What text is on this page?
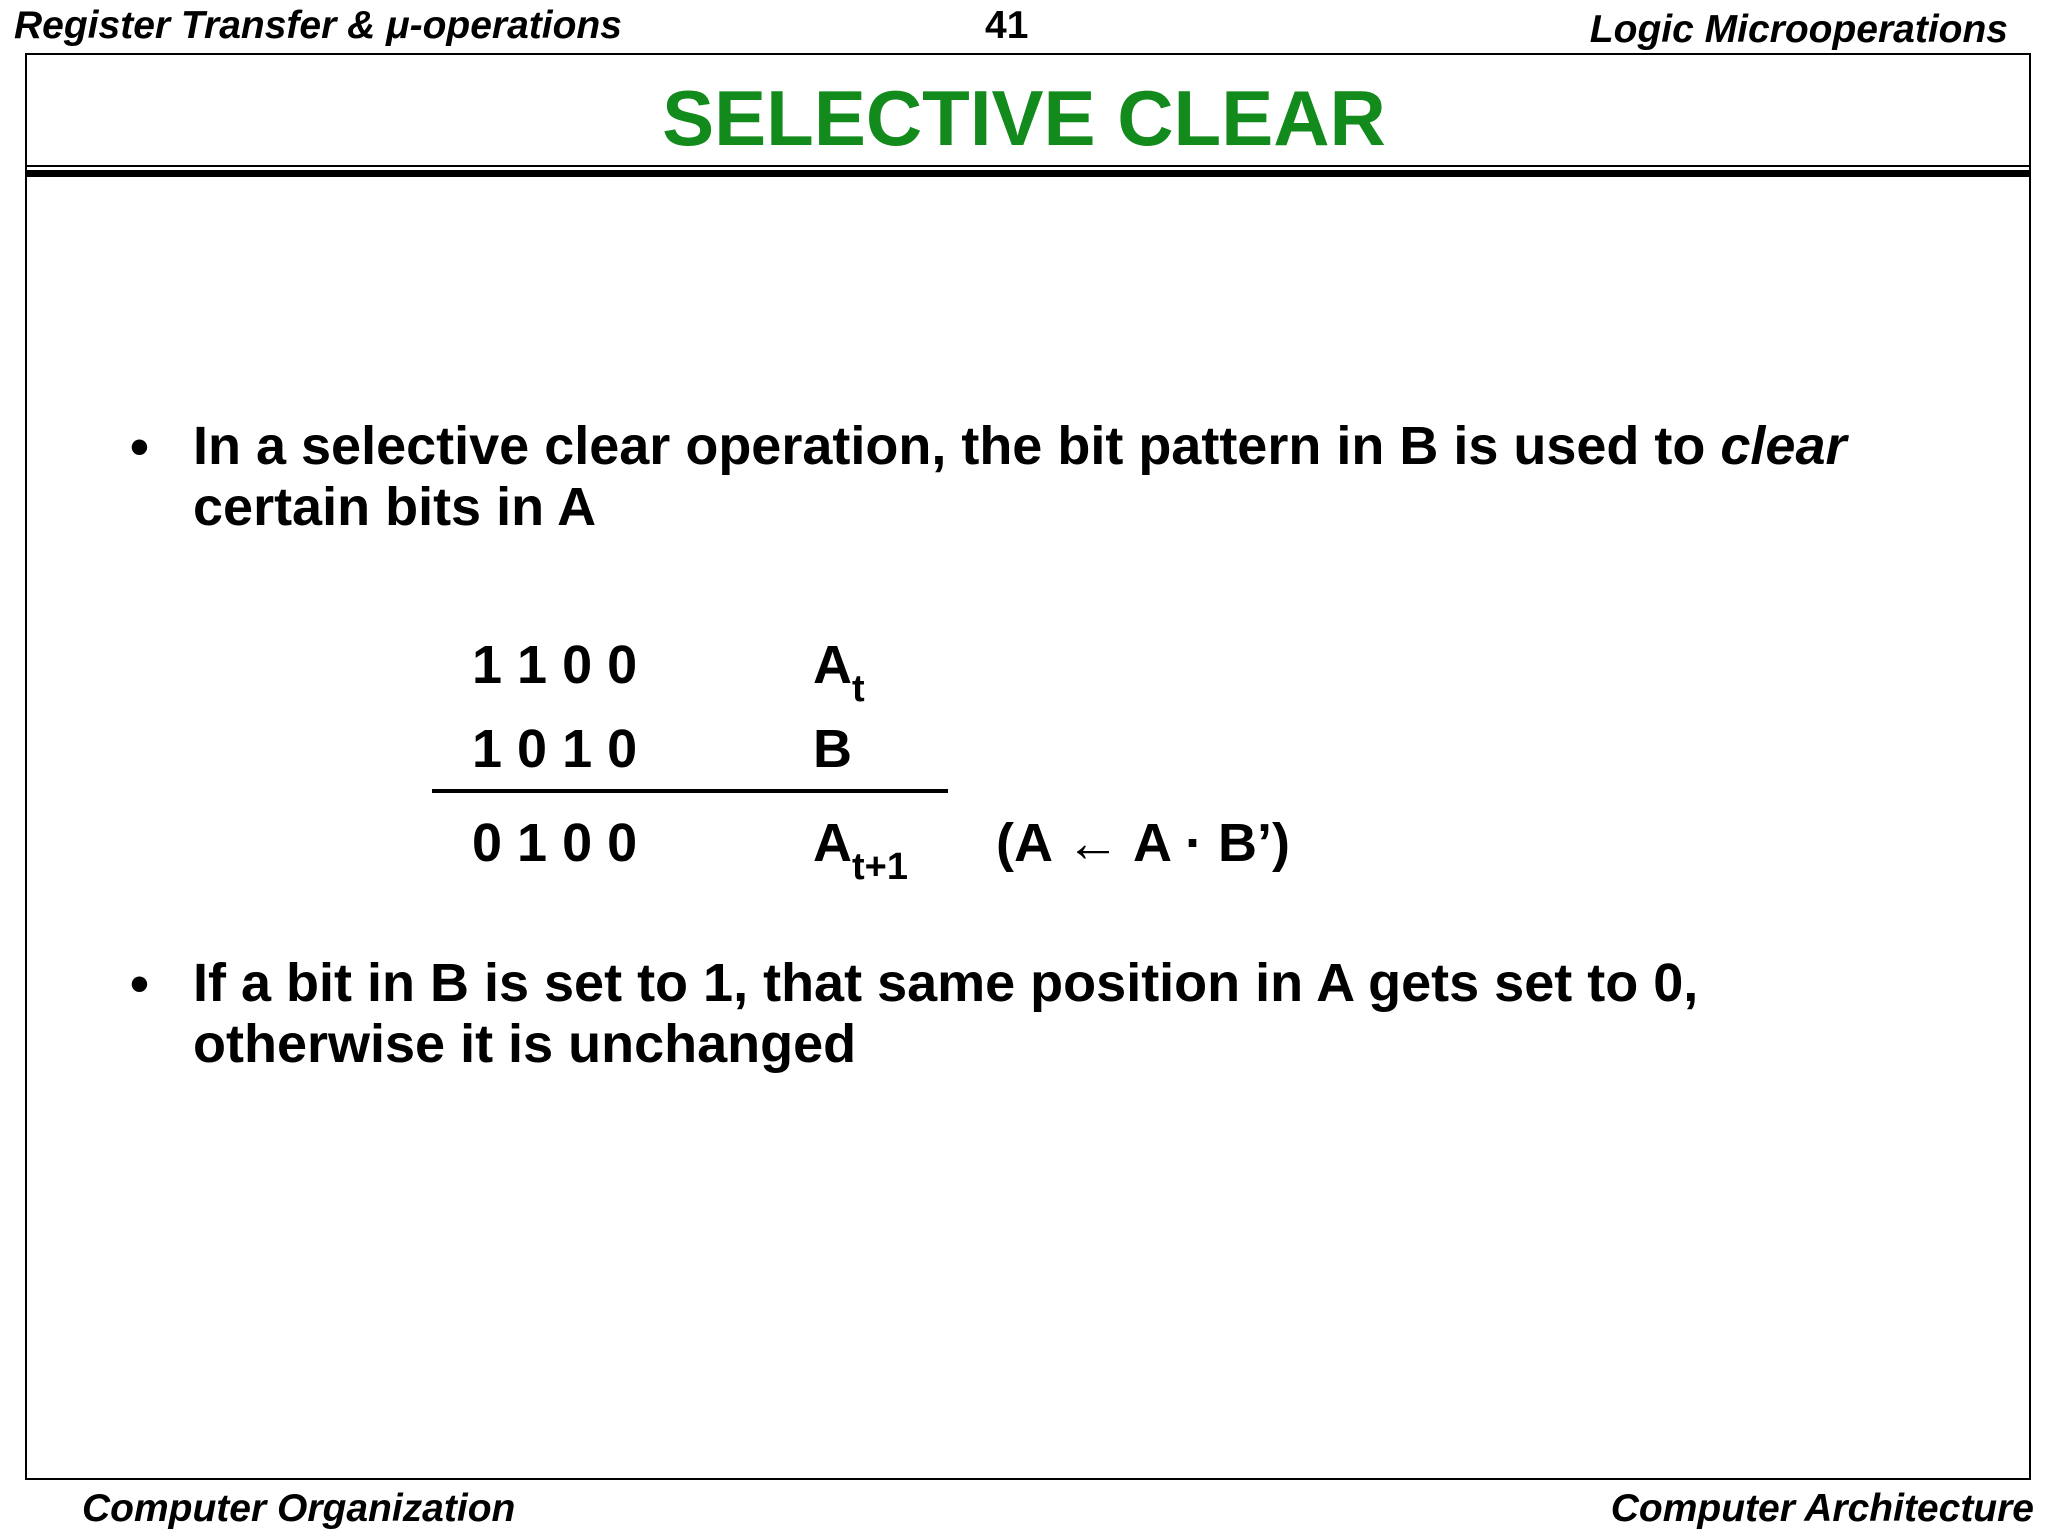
Register Transfer & μ-operations	41	Logic Microoperations
SELECTIVE CLEAR
• In a selective clear operation, the bit pattern in B is used to clear certain bits in A
1 1 0 0	$A_t$
1 0 1 0	B
0 1 0 0	$A_{t+1}$ (A ← A · B’)
• If a bit in B is set to 1, that same position in A gets set to 0, otherwise it is unchanged
Computer Organization	Computer Architecture
